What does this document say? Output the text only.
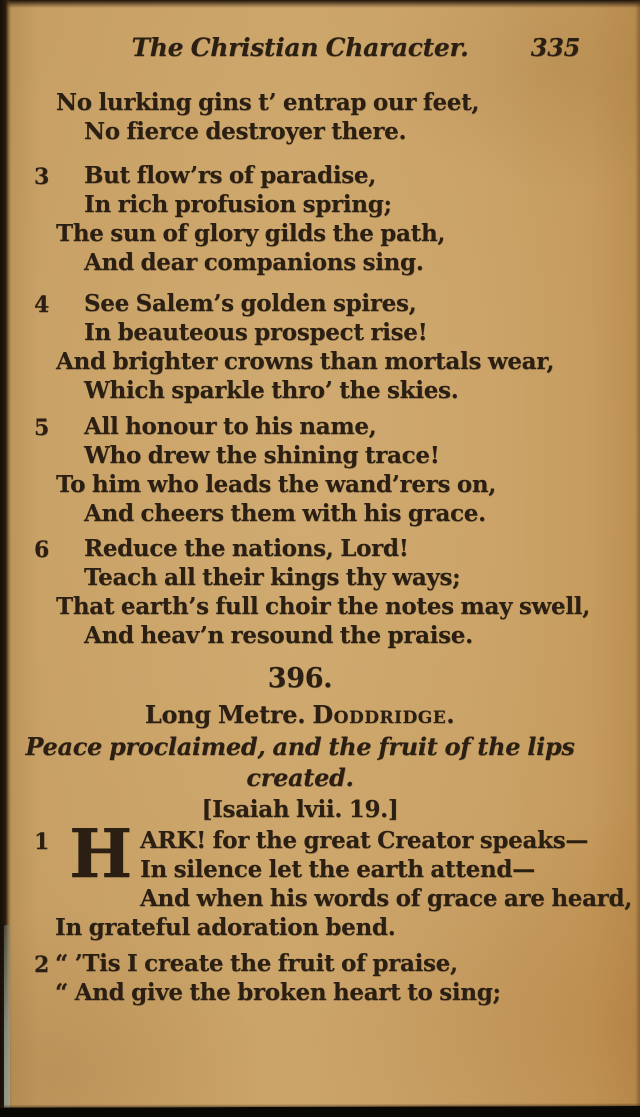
The Christian Character.	335
No lurking gins t’ entrap our feet,
No fierce destroyer there.
3	But flow’rs of paradise,
In rich profusion spring;
The sun of glory gilds the path,
And dear companions sing.
4	See Salem’s golden spires,
In beauteous prospect rise!
And brighter crowns than mortals wear,
Which sparkle thro’ the skies.
5	All honour to his name,
Who drew the shining trace!
To him who leads the wand’rers on,
And cheers them with his grace.
6	Reduce the nations, Lord!
Teach all their kings thy ways;
That earth’s full choir the notes may swell,
And heav’n resound the praise.
396.
Long Metre. Doddridge.
Peace proclaimed, and the fruit of the lips
created.
[Isaiah lvii. 19.]
1 H ARK! for the great Creator speaks—
In silence let the earth attend—
And when his words of grace are heard,
In grateful adoration bend.
2 “ ’Tis I create the fruit of praise,
“ And give the broken heart to sing;
